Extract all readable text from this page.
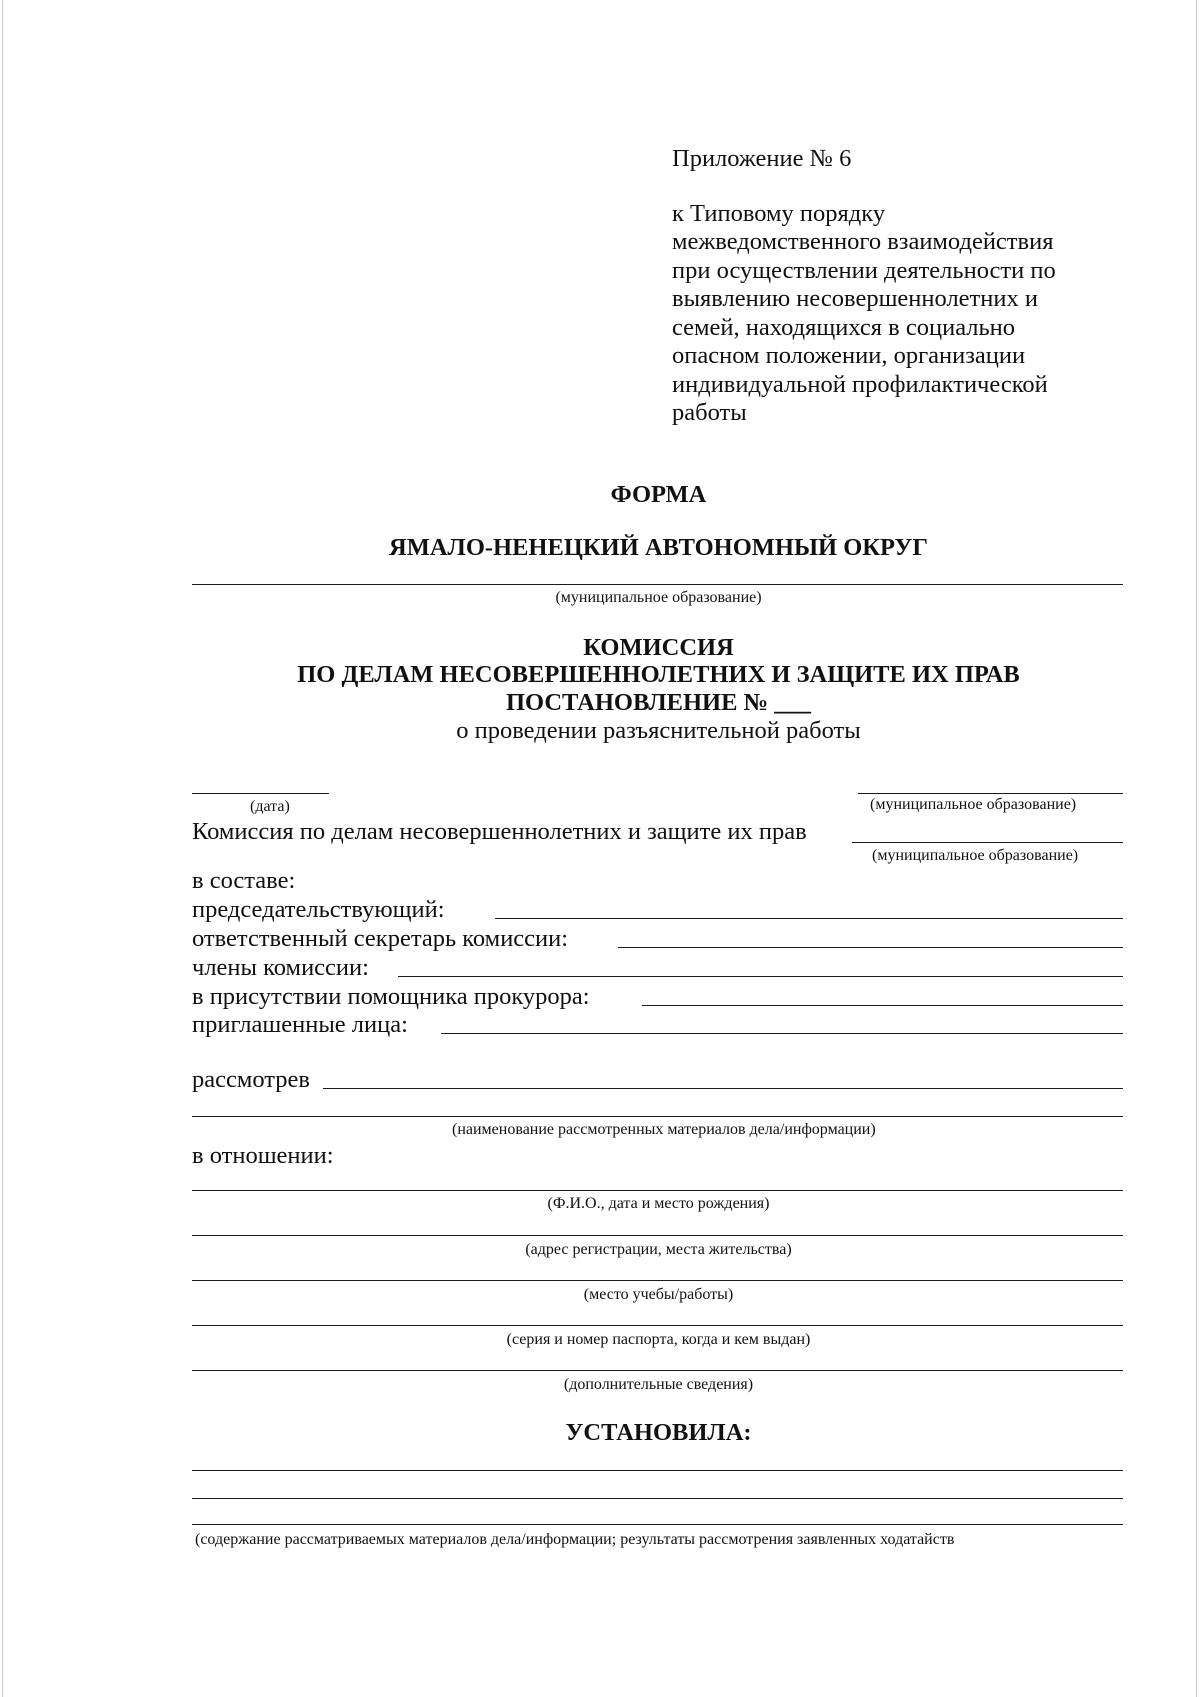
Приложение № 6
к Типовому порядку
межведомственного взаимодействия
при осуществлении деятельности по
выявлению несовершеннолетних и
семей, находящихся в социально
опасном положении, организации
индивидуальной профилактической
работы
ФОРМА
ЯМАЛО-НЕНЕЦКИЙ АВТОНОМНЫЙ ОКРУГ
(муниципальное образование)
КОМИССИЯ
ПО ДЕЛАМ НЕСОВЕРШЕННОЛЕТНИХ И ЗАЩИТЕ ИХ ПРАВ
ПОСТАНОВЛЕНИЕ № ___
о проведении разъяснительной работы
(дата)	(муниципальное образование)
Комиссия по делам несовершеннолетних и защите их прав
(муниципальное образование)
в составе:
председательствующий:
ответственный секретарь комиссии:
члены комиссии:
в присутствии помощника прокурора:
приглашенные лица:
рассмотрев
(наименование рассмотренных материалов дела/информации)
в отношении:
(Ф.И.О., дата и место рождения)
(адрес регистрации, места жительства)
(место учебы/работы)
(серия и номер паспорта, когда и кем выдан)
(дополнительные сведения)
УСТАНОВИЛА:
(содержание рассматриваемых материалов дела/информации; результаты рассмотрения заявленных ходатайств
